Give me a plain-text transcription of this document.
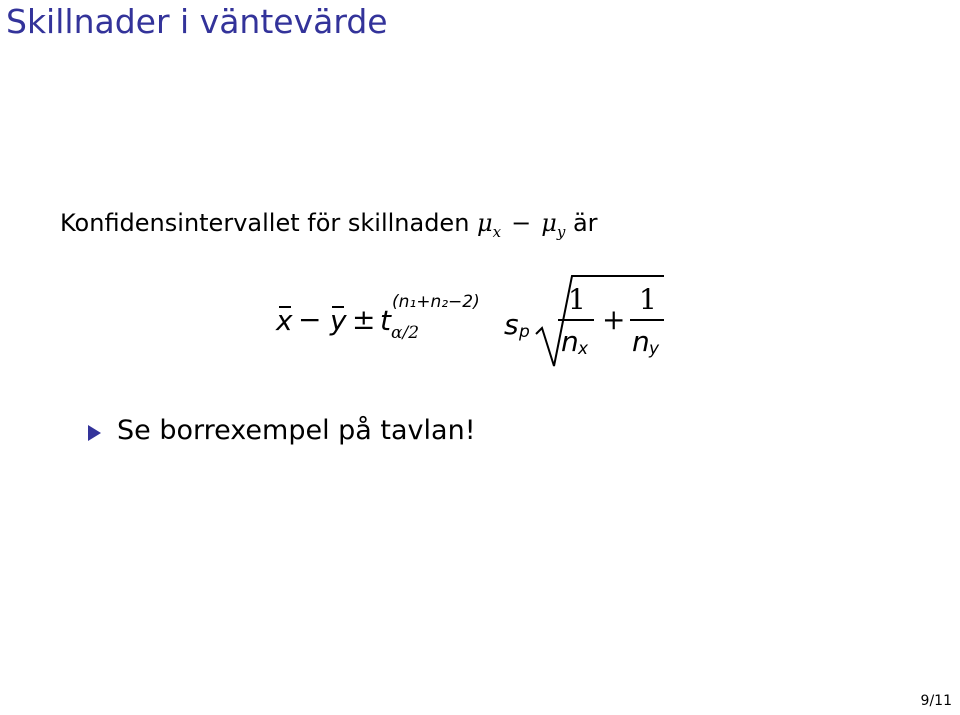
Skillnader i väntevärde
Konfidensintervallet för skillnaden $\mu_x - \mu_y$ är
x − y ± t
(n₁+n₂−2)
α/2	s p
1
n x
+
1
n y
Se borrexempel på tavlan!
9/11
